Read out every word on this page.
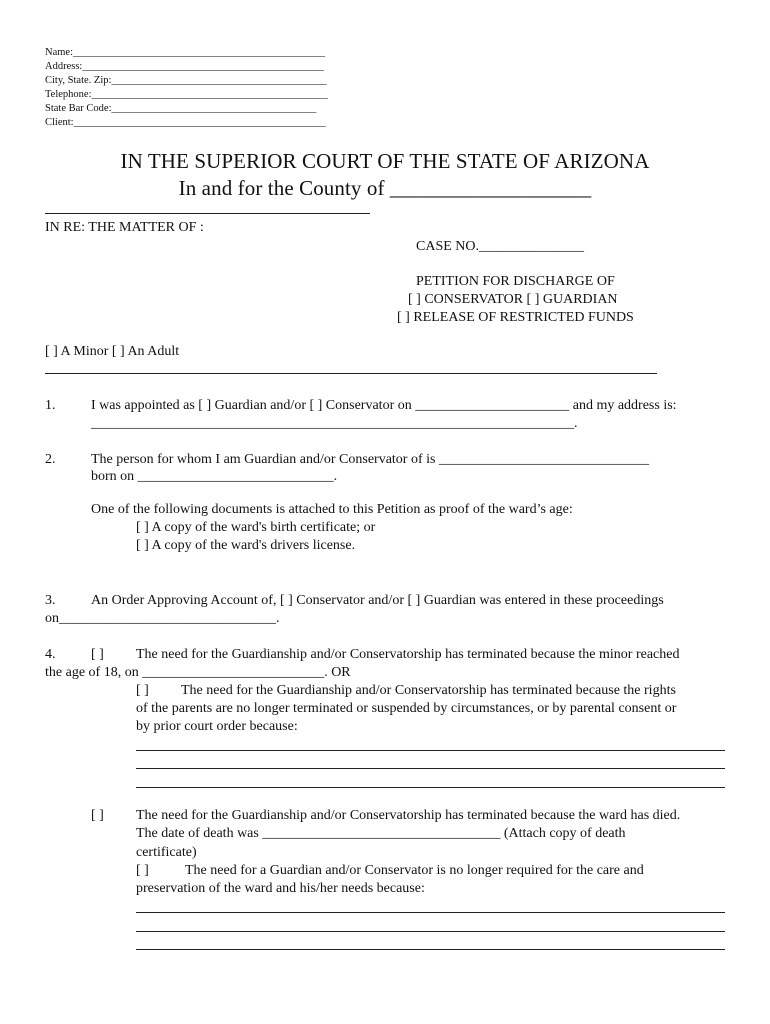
Name:________________________________________________
Address:______________________________________________
City, State. Zip:_________________________________________
Telephone:_____________________________________________
State Bar Code:_______________________________________
Client:________________________________________________
IN THE SUPERIOR COURT OF THE STATE OF ARIZONA
In and for the County of ___________________
IN RE: THE MATTER OF :
CASE NO._______________
PETITION FOR DISCHARGE OF
[ ] CONSERVATOR [ ] GUARDIAN
[ ] RELEASE OF RESTRICTED FUNDS
[ ] A Minor [ ] An Adult
1.	I was appointed as [ ] Guardian and/or [ ] Conservator on ______________________ and my address is:
_____________________________________________________________________.
2.	The person for whom I am Guardian and/or Conservator of is ______________________________
born on ____________________________.
One of the following documents is attached to this Petition as proof of the ward’s age:
[ ] A copy of the ward's birth certificate; or
[ ] A copy of the ward's drivers license.
3.	An Order Approving Account of, [ ] Conservator and/or [ ] Guardian was entered in these proceedings
on_______________________________.
4.	[ ] The need for the Guardianship and/or Conservatorship has terminated because the minor reached
the age of 18, on __________________________. OR
[ ] The need for the Guardianship and/or Conservatorship has terminated because the rights
of the parents are no longer terminated or suspended by circumstances, or by parental consent or
by prior court order because:
[ ] The need for the Guardianship and/or Conservatorship has terminated because the ward has died.
The date of death was __________________________________ (Attach copy of death
certificate)
[ ]	The need for a Guardian and/or Conservator is no longer required for the care and
preservation of the ward and his/her needs because:
